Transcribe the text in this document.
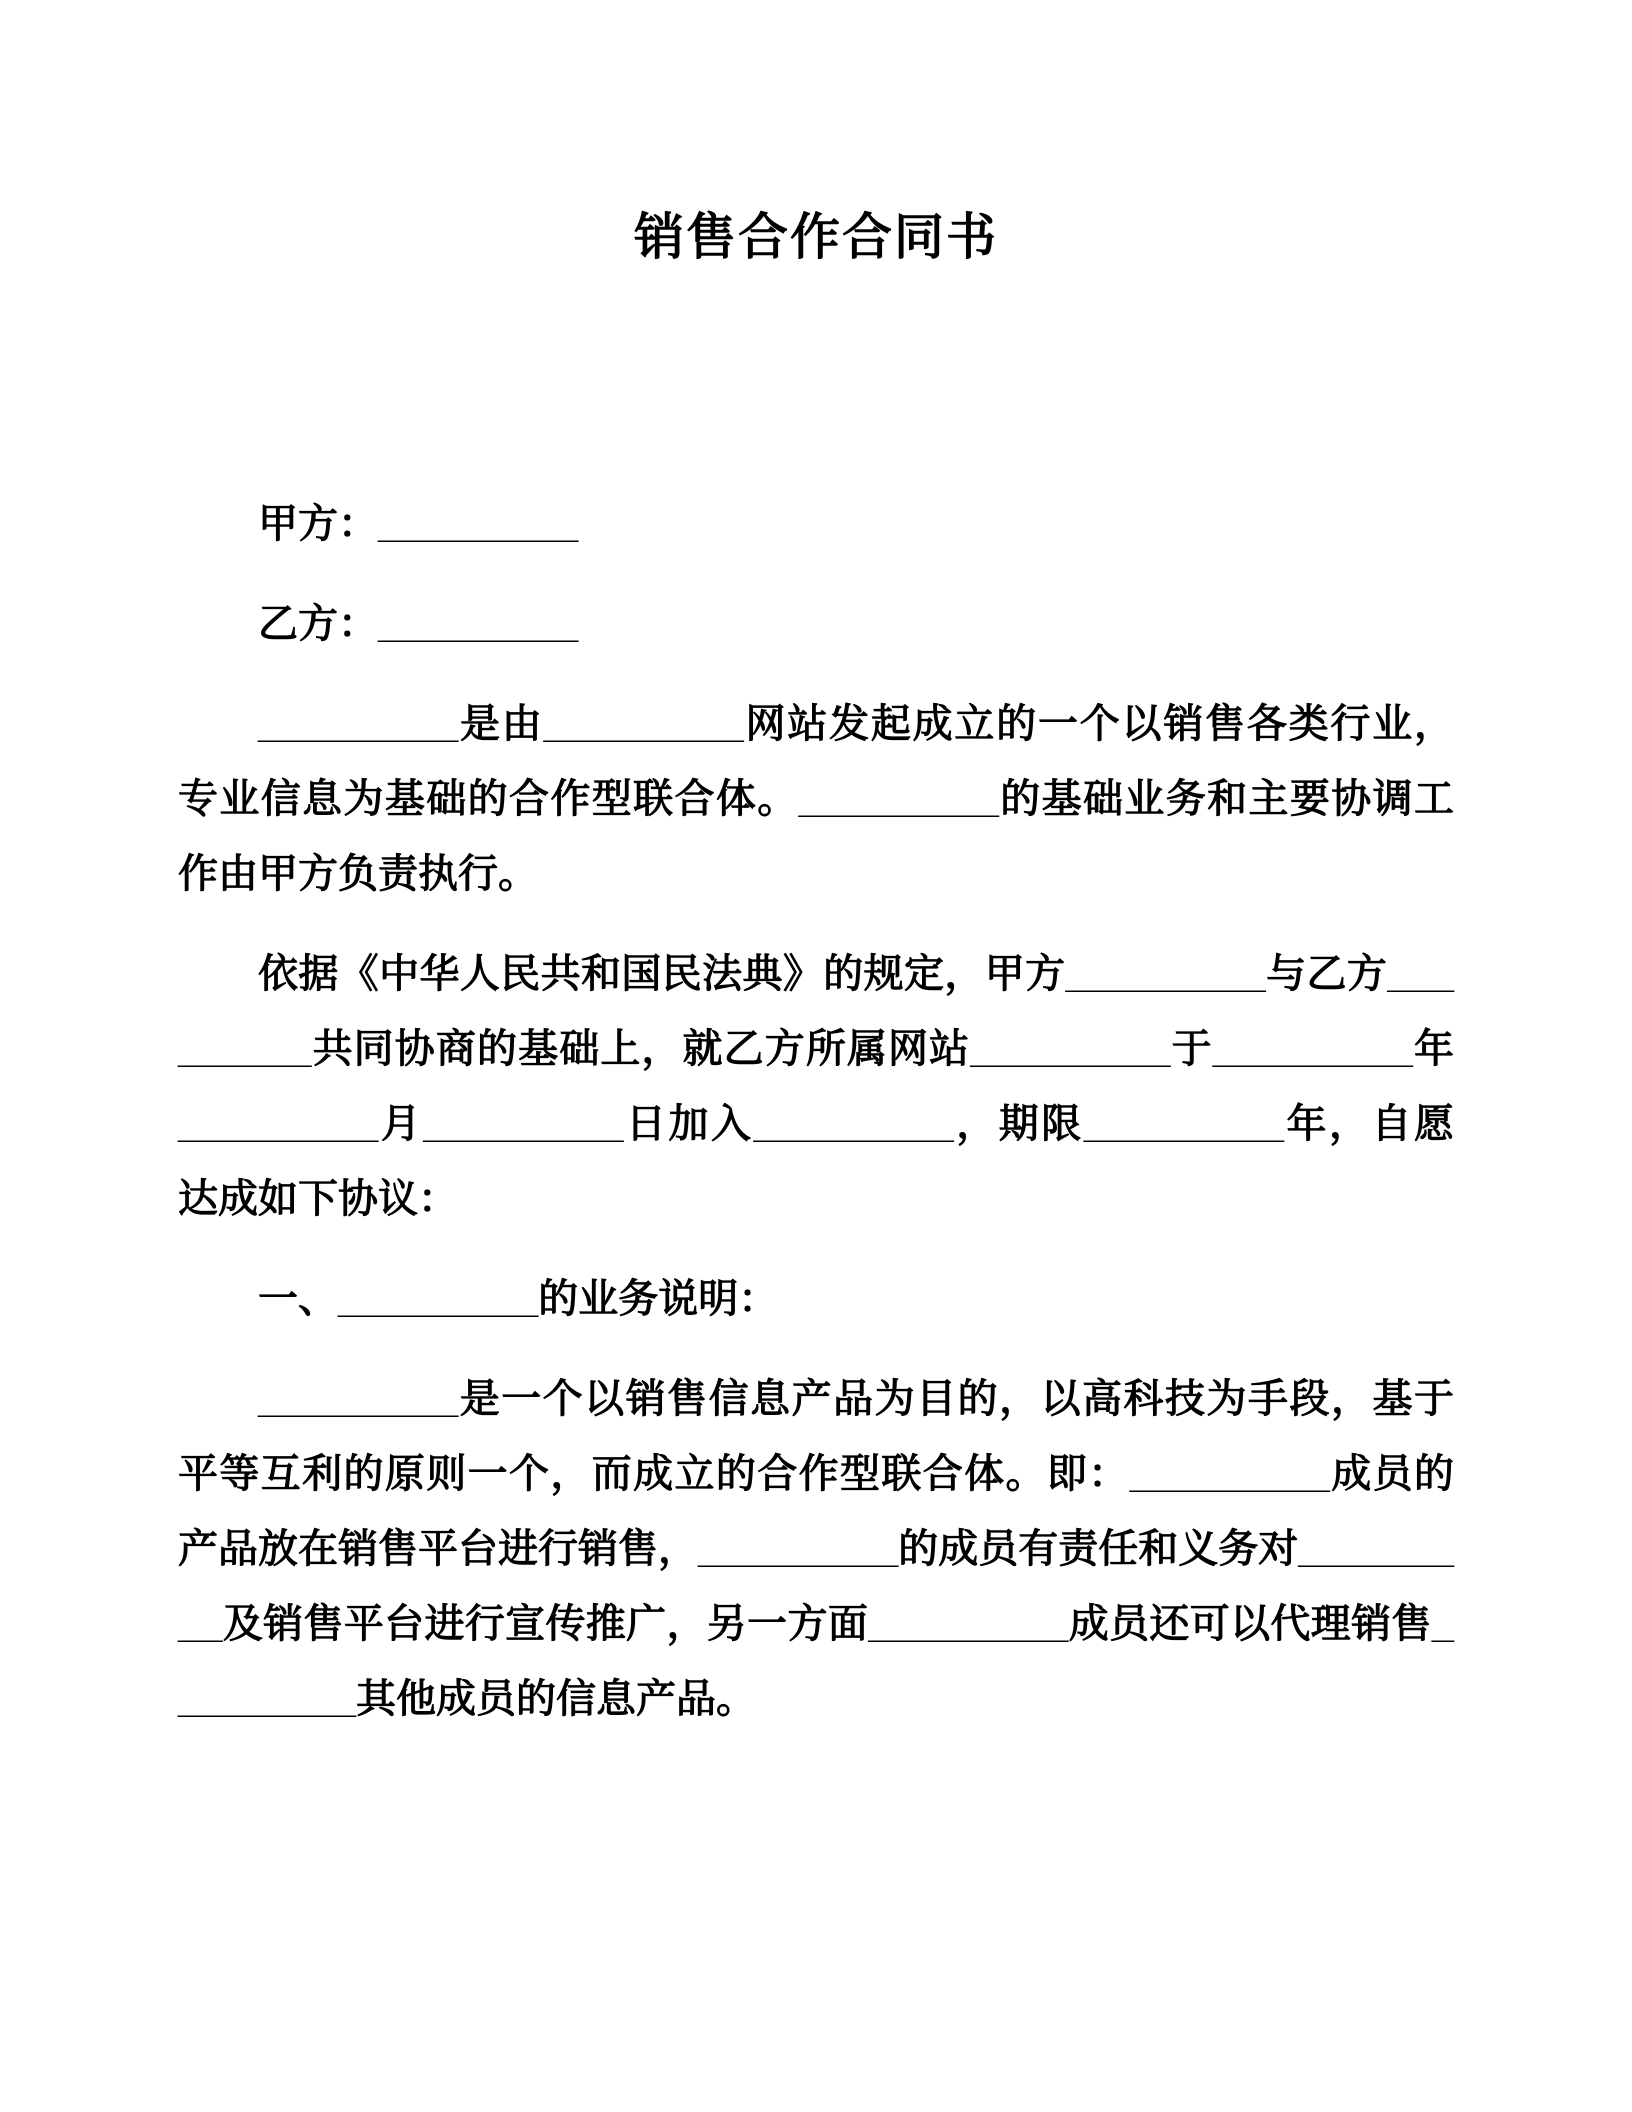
销售合作合同书

甲方：_________

乙方：_________

_________是由_________网站发起成立的一个以销售各类行业，专业信息为基础的合作型联合体。_________的基础业务和主要协调工作由甲方负责执行。

依据《中华人民共和国民法典》的规定，甲方_________与乙方_________共同协商的基础上，就乙方所属网站_________于_________年_________月_________日加入_________，期限_________年，自愿达成如下协议：

一、_________的业务说明：

_________是一个以销售信息产品为目的，以高科技为手段，基于平等互利的原则一个，而成立的合作型联合体。即：_________成员的产品放在销售平台进行销售，_________的成员有责任和义务对_________及销售平台进行宣传推广，另一方面_________成员还可以代理销售_________其他成员的信息产品。
